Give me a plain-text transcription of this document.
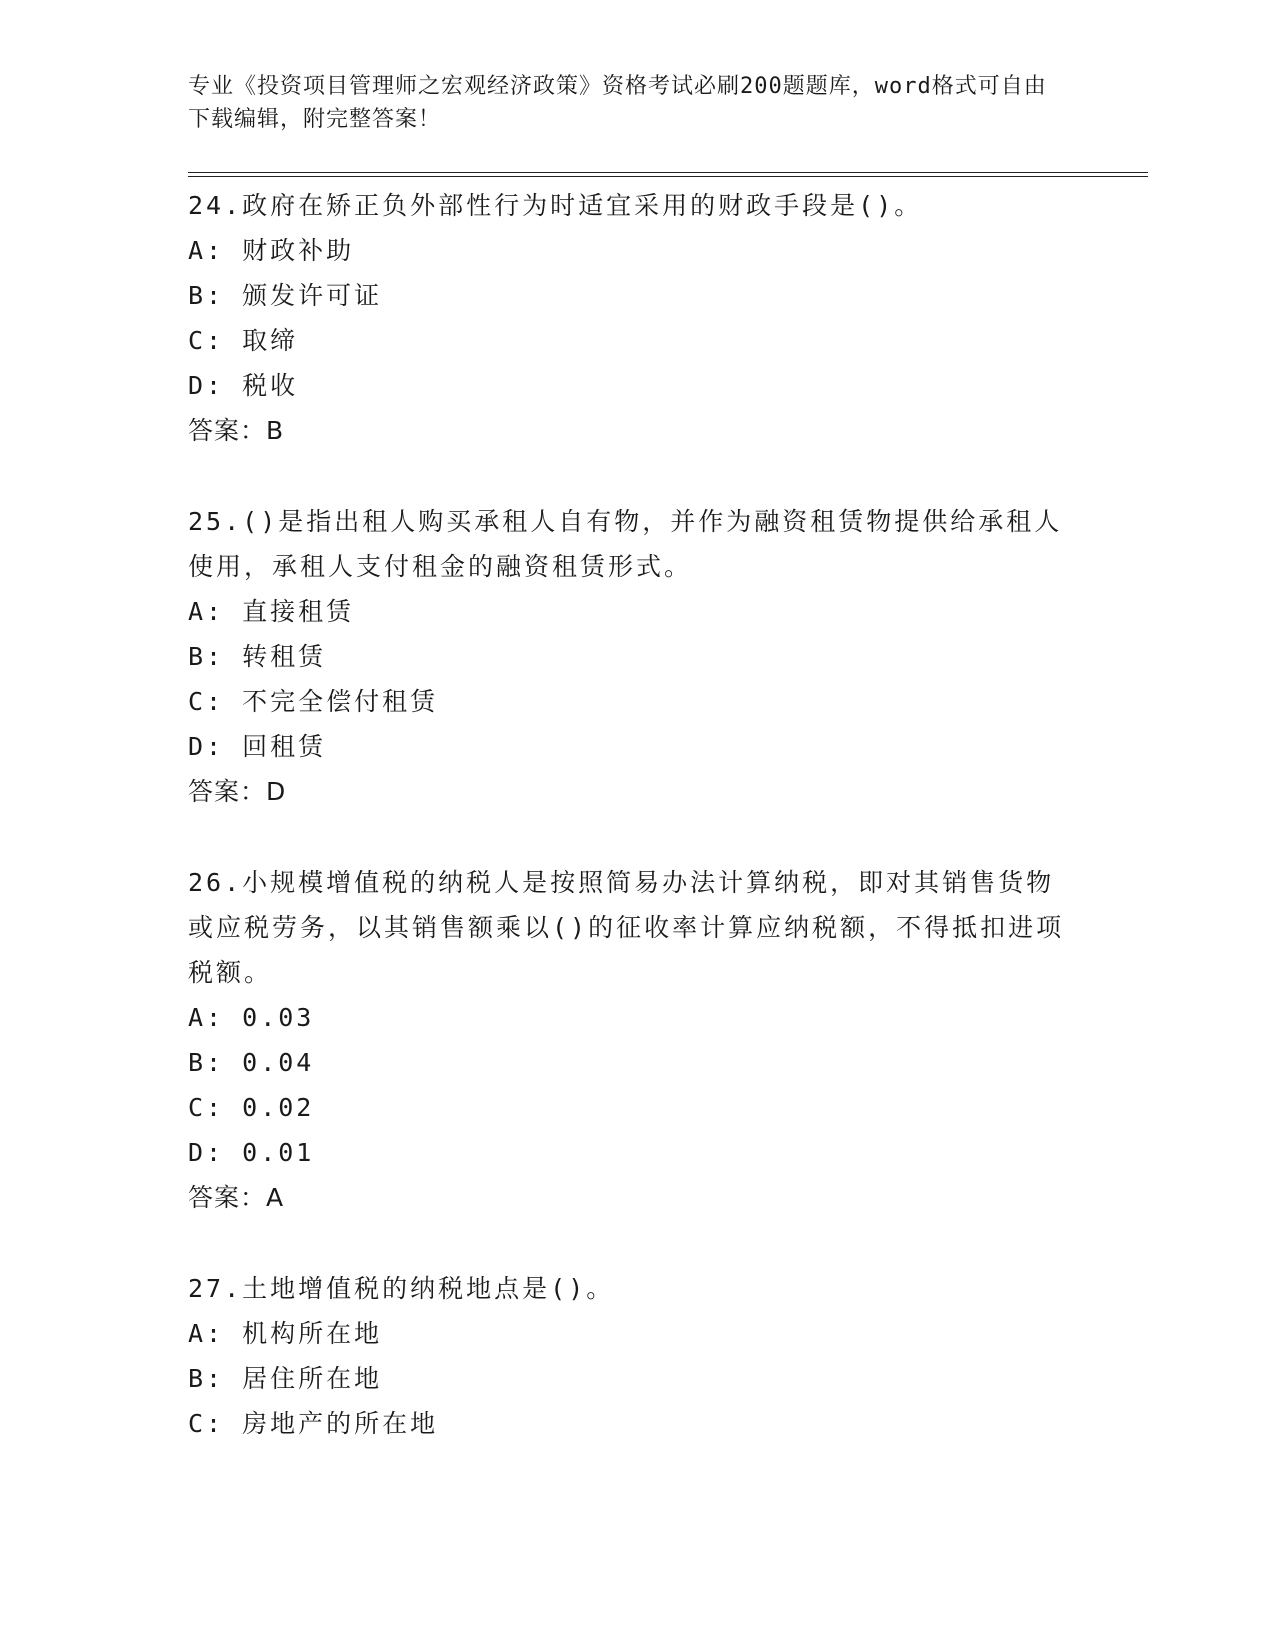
专业《投资项目管理师之宏观经济政策》资格考试必刷200题题库，word格式可自由下载编辑，附完整答案！

24.政府在矫正负外部性行为时适宜采用的财政手段是()。
A: 财政补助
B: 颁发许可证
C: 取缔
D: 税收
答案：B
25.()是指出租人购买承租人自有物，并作为融资租赁物提供给承租人使用，承租人支付租金的融资租赁形式。
A: 直接租赁
B: 转租赁
C: 不完全偿付租赁
D: 回租赁
答案：D
26.小规模增值税的纳税人是按照简易办法计算纳税，即对其销售货物或应税劳务，以其销售额乘以()的征收率计算应纳税额，不得抵扣进项税额。
A: 0.03
B: 0.04
C: 0.02
D: 0.01
答案：A
27.土地增值税的纳税地点是()。
A: 机构所在地
B: 居住所在地
C: 房地产的所在地
